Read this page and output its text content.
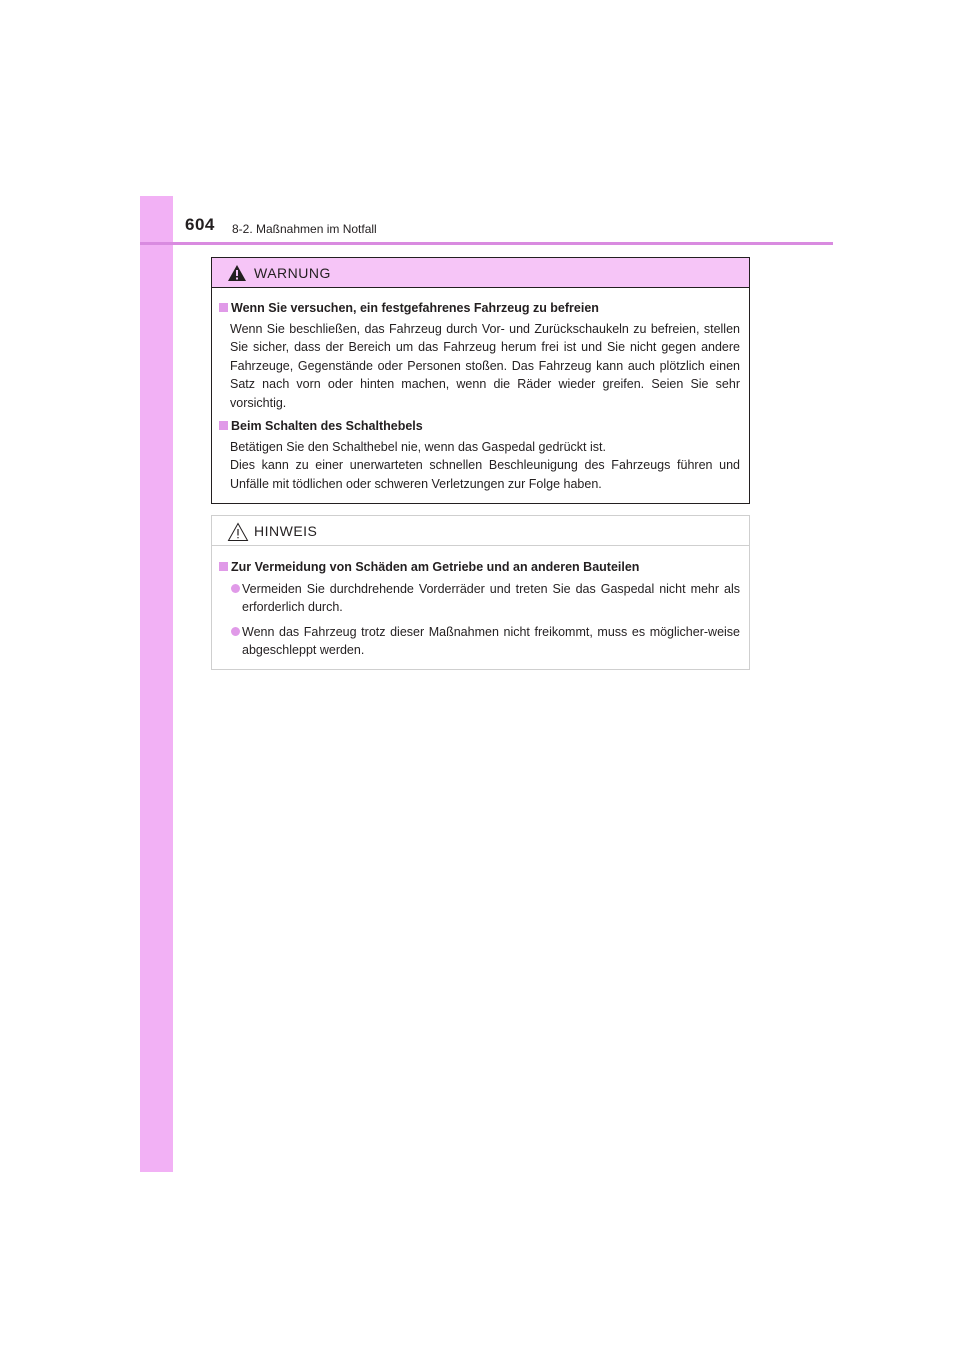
604 8-2. Maßnahmen im Notfall
WARNUNG
Wenn Sie versuchen, ein festgefahrenes Fahrzeug zu befreien
Wenn Sie beschließen, das Fahrzeug durch Vor- und Zurückschaukeln zu befreien, stellen Sie sicher, dass der Bereich um das Fahrzeug herum frei ist und Sie nicht gegen andere Fahrzeuge, Gegenstände oder Personen stoßen. Das Fahrzeug kann auch plötzlich einen Satz nach vorn oder hinten machen, wenn die Räder wieder greifen. Seien Sie sehr vorsichtig.
Beim Schalten des Schalthebels
Betätigen Sie den Schalthebel nie, wenn das Gaspedal gedrückt ist.
Dies kann zu einer unerwarteten schnellen Beschleunigung des Fahrzeugs führen und Unfälle mit tödlichen oder schweren Verletzungen zur Folge haben.
HINWEIS
Zur Vermeidung von Schäden am Getriebe und an anderen Bauteilen
Vermeiden Sie durchdrehende Vorderräder und treten Sie das Gaspedal nicht mehr als erforderlich durch.
Wenn das Fahrzeug trotz dieser Maßnahmen nicht freikommt, muss es möglicher-weise abgeschleppt werden.
